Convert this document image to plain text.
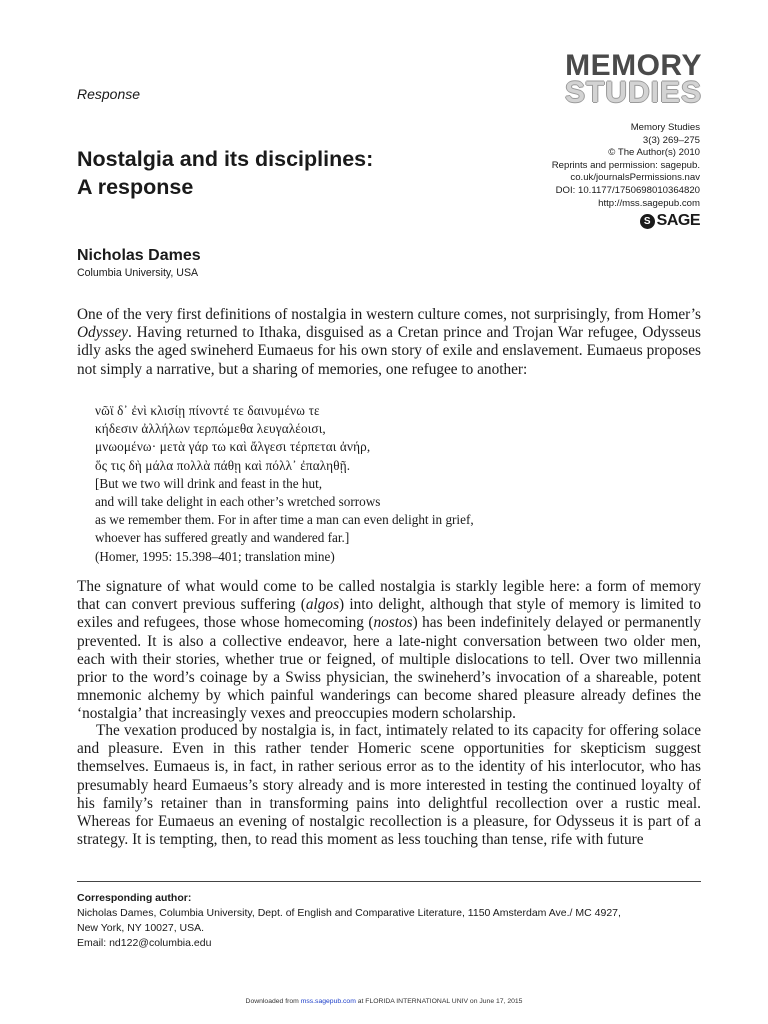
Response
MEMORY
STUDIES
Memory Studies
3(3) 269–275
© The Author(s) 2010
Reprints and permission: sagepub.
co.uk/journalsPermissions.nav
DOI: 10.1177/1750698010364820
http://mss.sagepub.com
S SAGE
Nostalgia and its disciplines:
A response
Nicholas Dames
Columbia University, USA

One of the very first definitions of nostalgia in western culture comes, not surprisingly, from Homer’s Odyssey. Having returned to Ithaka, disguised as a Cretan prince and Trojan War refugee, Odysseus idly asks the aged swineherd Eumaeus for his own story of exile and enslavement. Eumaeus proposes not simply a narrative, but a sharing of memories, one refugee to another:

νῶϊ δ᾽ ἐνὶ κλισίῃ πίνοντέ τε δαινυμένω τε
κήδεσιν ἀλλήλων τερπώμεθα λευγαλέοισι,
μνωομένω· μετὰ γάρ τω καὶ ἄλγεσι τέρπεται ἀνήρ,
ὅς τις δὴ μάλα πολλὰ πάθῃ καὶ πόλλ᾽ ἐπαληθῇ.
[But we two will drink and feast in the hut,
and will take delight in each other’s wretched sorrows
as we remember them. For in after time a man can even delight in grief,
whoever has suffered greatly and wandered far.]
(Homer, 1995: 15.398–401; translation mine)

The signature of what would come to be called nostalgia is starkly legible here: a form of memory that can convert previous suffering (algos) into delight, although that style of memory is limited to exiles and refugees, those whose homecoming (nostos) has been indefinitely delayed or permanently prevented. It is also a collective endeavor, here a late-night conversation between two older men, each with their stories, whether true or feigned, of multiple dislocations to tell. Over two millennia prior to the word’s coinage by a Swiss physician, the swineherd’s invocation of a shareable, potent mnemonic alchemy by which painful wanderings can become shared pleasure already defines the ‘nostalgia’ that increasingly vexes and preoccupies modern scholarship.

The vexation produced by nostalgia is, in fact, intimately related to its capacity for offering solace and pleasure. Even in this rather tender Homeric scene opportunities for skepticism suggest themselves. Eumaeus is, in fact, in rather serious error as to the identity of his interlocutor, who has presumably heard Eumaeus’s story already and is more interested in testing the continued loyalty of his family’s retainer than in transforming pains into delightful recollection over a rustic meal. Whereas for Eumaeus an evening of nostalgic recollection is a pleasure, for Odysseus it is part of a strategy. It is tempting, then, to read this moment as less touching than tense, rife with future

Corresponding author:
Nicholas Dames, Columbia University, Dept. of English and Comparative Literature, 1150 Amsterdam Ave./ MC 4927,
New York, NY 10027, USA.
Email: nd122@columbia.edu
Downloaded from mss.sagepub.com at FLORIDA INTERNATIONAL UNIV on June 17, 2015
